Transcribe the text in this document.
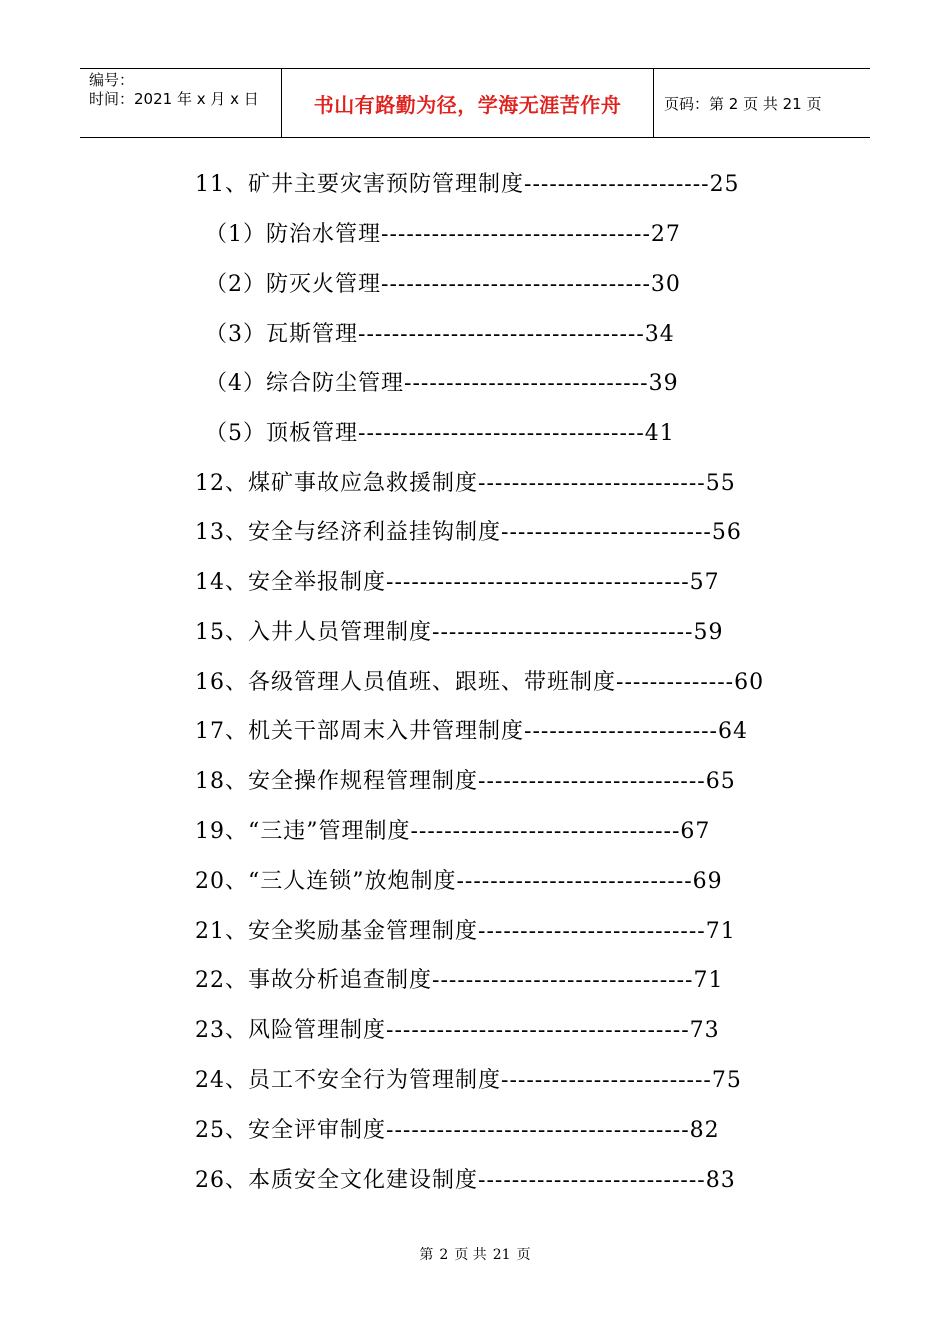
编号：
时间：2021 年 x 月 x 日	书山有路勤为径，学海无涯苦作舟	页码：第 2 页 共 21 页
11、矿井主要灾害预防管理制度----------------------25
（1）防治水管理--------------------------------27
（2）防灭火管理--------------------------------30
（3）瓦斯管理----------------------------------34
（4）综合防尘管理-----------------------------39
（5）顶板管理----------------------------------41
12、煤矿事故应急救援制度---------------------------55
13、安全与经济利益挂钩制度-------------------------56
14、安全举报制度------------------------------------57
15、入井人员管理制度-------------------------------59
16、各级管理人员值班、跟班、带班制度--------------60
17、机关干部周末入井管理制度-----------------------64
18、安全操作规程管理制度---------------------------65
19、“三违”管理制度--------------------------------67
20、“三人连锁”放炮制度----------------------------69
21、安全奖励基金管理制度---------------------------71
22、事故分析追查制度-------------------------------71
23、风险管理制度------------------------------------73
24、员工不安全行为管理制度-------------------------75
25、安全评审制度------------------------------------82
26、本质安全文化建设制度---------------------------83
第 2 页 共 21 页
